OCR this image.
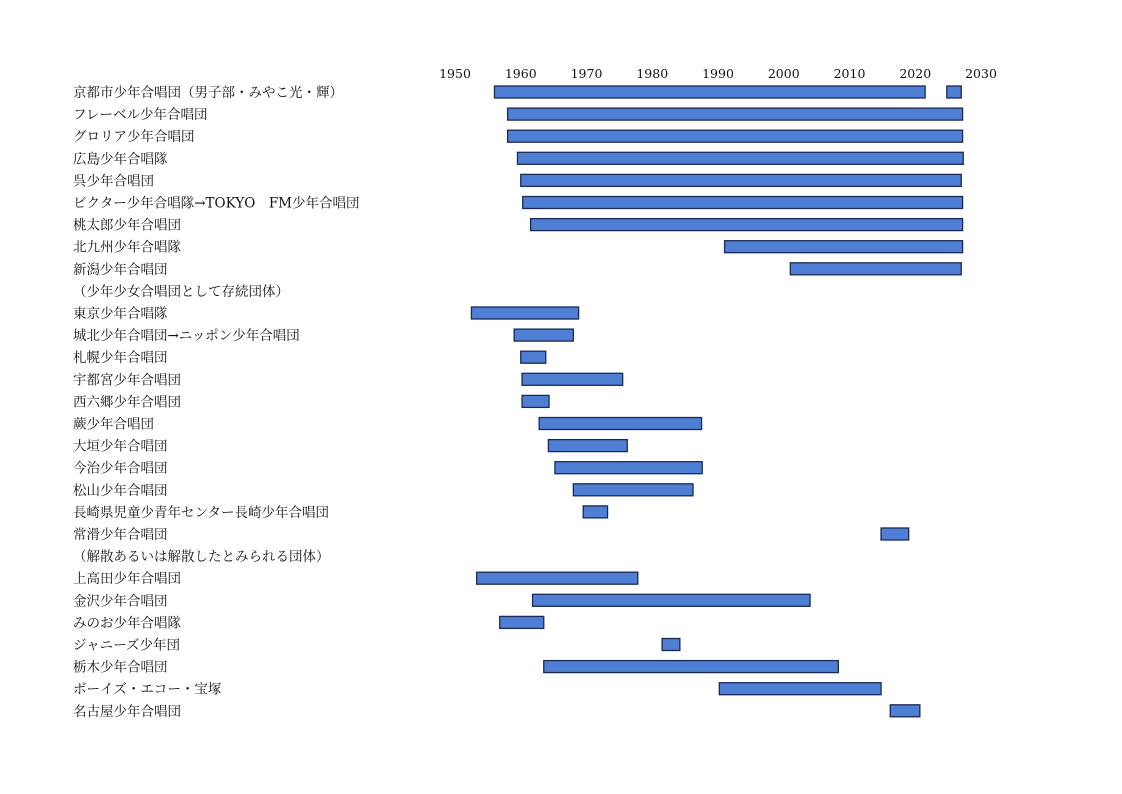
1950	1960	1970	1980	1990	2000	2010	2020	2030
京都市少年合唱団（男子部・みやこ光・輝）
フレーベル少年合唱団
グロリア少年合唱団
広島少年合唱隊
呉少年合唱団
ビクター少年合唱隊→TOKYO　FM少年合唱団
桃太郎少年合唱団
北九州少年合唱隊
新潟少年合唱団
（少年少女合唱団として存続団体）
東京少年合唱隊
城北少年合唱団→ニッポン少年合唱団
札幌少年合唱団
宇都宮少年合唱団
西六郷少年合唱団
蕨少年合唱団
大垣少年合唱団
今治少年合唱団
松山少年合唱団
長崎県児童少青年センター長崎少年合唱団
常滑少年合唱団
（解散あるいは解散したとみられる団体）
上高田少年合唱団
金沢少年合唱団
みのお少年合唱隊
ジャニーズ少年団
栃木少年合唱団
ボーイズ・エコー・宝塚
名古屋少年合唱団
